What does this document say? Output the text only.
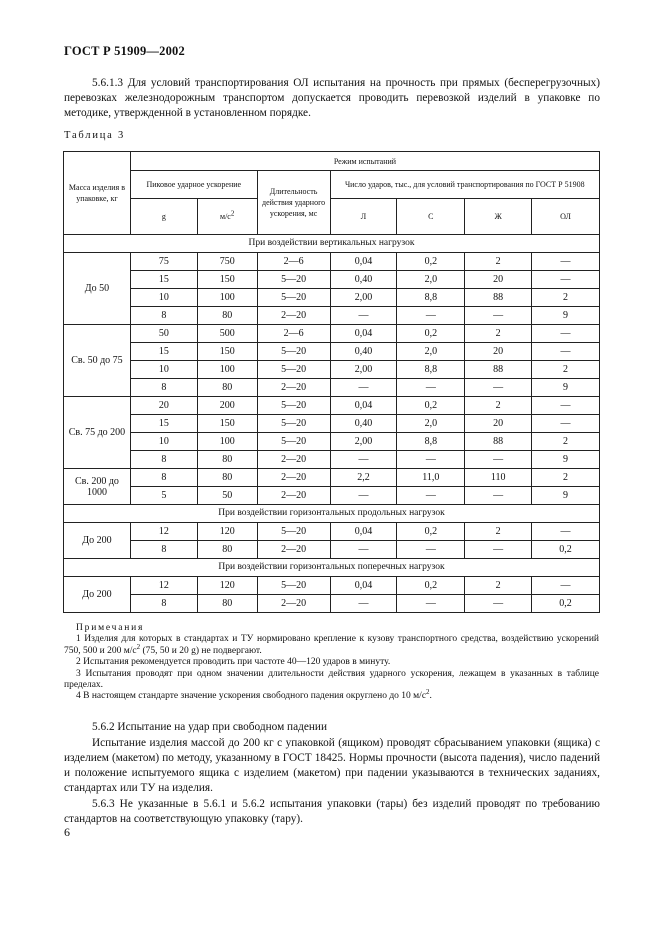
ГОСТ Р 51909—2002
5.6.1.3 Для условий транспортирования ОЛ испытания на прочность при прямых (бесперегрузочных) перевозках железнодорожным транспортом допускается проводить перевозкой изделий в упаковке по методике, утвержденной в установленном порядке.
Таблица 3
Масса изделия в упаковке, кг	Режим испытаний						
	Пиковое ударное ускорение		Длительность действия ударного ускорения, мс	Число ударов, тыс., для условий транспортирования по ГОСТ Р 51908			
	g	$м/с^2$		Л	С	Ж	ОЛ
При воздействии вертикальных нагрузок							
До 50	75	750	2—6	0,04	0,2	2	—
	15	150	5—20	0,40	2,0	20	—
	10	100	5—20	2,00	8,8	88	2
	8	80	2—20	—	—	—	9
Св. 50 до 75	50	500	2—6	0,04	0,2	2	—
	15	150	5—20	0,40	2,0	20	—
	10	100	5—20	2,00	8,8	88	2
	8	80	2—20	—	—	—	9
Св. 75 до 200	20	200	5—20	0,04	0,2	2	—
	15	150	5—20	0,40	2,0	20	—
	10	100	5—20	2,00	8,8	88	2
	8	80	2—20	—	—	—	9
Св. 200 до 1000	8	80	2—20	2,2	11,0	110	2
	5	50	2—20	—	—	—	9
При воздействии горизонтальных продольных нагрузок							
До 200	12	120	5—20	0,04	0,2	2	—
	8	80	2—20	—	—	—	0,2
При воздействии горизонтальных поперечных нагрузок							
До 200	12	120	5—20	0,04	0,2	2	—
	8	80	2—20	—	—	—	0,2
Примечания
1 Изделия для которых в стандартах и ТУ нормировано крепление к кузову транспортного средства, воздействию ускорений 750, 500 и 200 $м/с^2$ (75, 50 и 20 g) не подвергают.
2 Испытания рекомендуется проводить при частоте 40—120 ударов в минуту.
3 Испытания проводят при одном значении длительности действия ударного ускорения, лежащем в указанных в таблице пределах.
4 В настоящем стандарте значение ускорения свободного падения округлено до 10 $м/с^2$.
5.6.2 Испытание на удар при свободном падении
Испытание изделия массой до 200 кг с упаковкой (ящиком) проводят сбрасыванием упаковки (ящика) с изделием (макетом) по методу, указанному в ГОСТ 18425. Нормы прочности (высота падения), число падений и положение испытуемого ящика с изделием (макетом) при падении указываются в технических заданиях, стандартах или ТУ на изделия.
5.6.3 Не указанные в 5.6.1 и 5.6.2 испытания упаковки (тары) без изделий проводят по требованию стандартов на соответствующую упаковку (тару).
6
